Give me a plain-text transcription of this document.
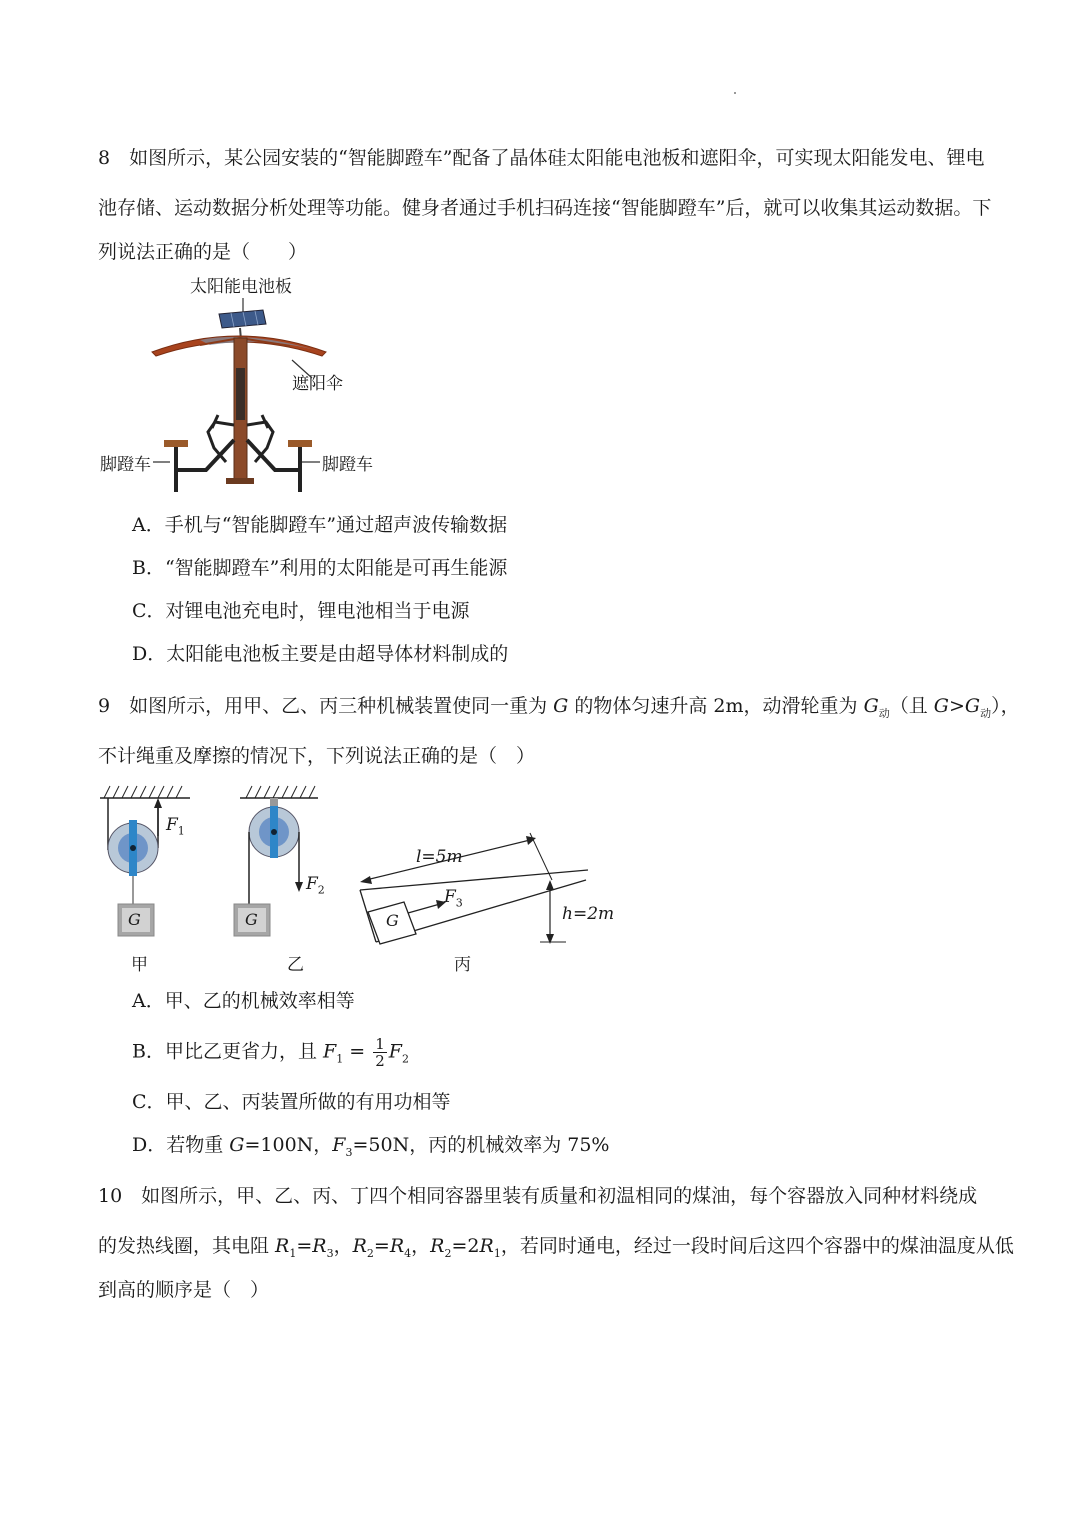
8　如图所示，某公园安装的“智能脚蹬车”配备了晶体硅太阳能电池板和遮阳伞，可实现太阳能发电、锂电
池存储、运动数据分析处理等功能。健身者通过手机扫码连接“智能脚蹬车”后，就可以收集其运动数据。下
列说法正确的是（　　）
太阳能电池板
遮阳伞
脚蹬车	脚蹬车
A．手机与“智能脚蹬车”通过超声波传输数据
B．“智能脚蹬车”利用的太阳能是可再生能源
C．对锂电池充电时，锂电池相当于电源
D．太阳能电池板主要是由超导体材料制成的
9　如图所示，用甲、乙、丙三种机械装置使同一重为 G 的物体匀速升高 2m，动滑轮重为 $G_动$（且 $G>G_动$），
不计绳重及摩擦的情况下，下列说法正确的是（　）
$F_1$
G
$F_2$
G	G
$F_3$
l=5m
h=2m
甲	乙	丙
A．甲、乙的机械效率相等
B．甲比乙更省力，且 $F_1 = \frac{1}{2} F_2$
C．甲、乙、丙装置所做的有用功相等
D．若物重 G=100N，$F_3=50N$，丙的机械效率为 75%
10　如图所示，甲、乙、丙、丁四个相同容器里装有质量和初温相同的煤油，每个容器放入同种材料绕成
的发热线圈，其电阻 $R_1=R_3$，$R_2=R_4$，$R_2=2R_1$，若同时通电，经过一段时间后这四个容器中的煤油温度从低
到高的顺序是（　）
